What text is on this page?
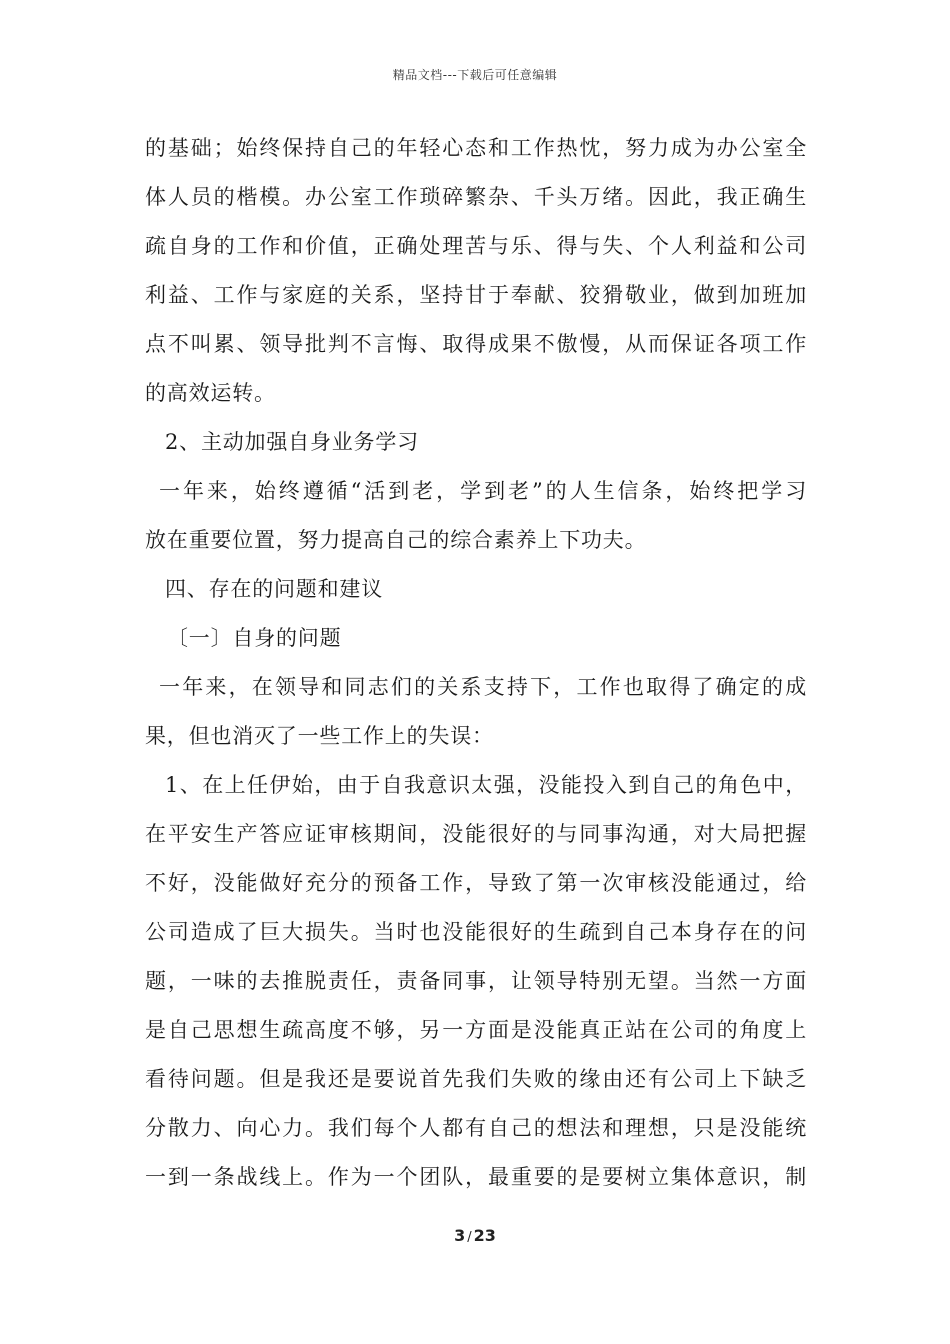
精品文档---下载后可任意编辑
的基础；始终保持自己的年轻心态和工作热忱，努力成为办公室全
体人员的楷模。办公室工作琐碎繁杂、千头万绪。因此，我正确生
疏自身的工作和价值，正确处理苦与乐、得与失、个人利益和公司
利益、工作与家庭的关系，坚持甘于奉献、狡猾敬业，做到加班加
点不叫累、领导批判不言悔、取得成果不傲慢，从而保证各项工作
的高效运转。
2、主动加强自身业务学习
一年来，始终遵循“活到老，学到老”的人生信条，始终把学习
放在重要位置，努力提高自己的综合素养上下功夫。
四、存在的问题和建议
〔一〕自身的问题
一年来，在领导和同志们的关系支持下，工作也取得了确定的成
果，但也消灭了一些工作上的失误：
1、在上任伊始，由于自我意识太强，没能投入到自己的角色中，
在平安生产答应证审核期间，没能很好的与同事沟通，对大局把握
不好，没能做好充分的预备工作，导致了第一次审核没能通过，给
公司造成了巨大损失。当时也没能很好的生疏到自己本身存在的问
题，一味的去推脱责任，责备同事，让领导特别无望。当然一方面
是自己思想生疏高度不够，另一方面是没能真正站在公司的角度上
看待问题。但是我还是要说首先我们失败的缘由还有公司上下缺乏
分散力、向心力。我们每个人都有自己的想法和理想，只是没能统
一到一条战线上。作为一个团队，最重要的是要树立集体意识，制
3 / 23
